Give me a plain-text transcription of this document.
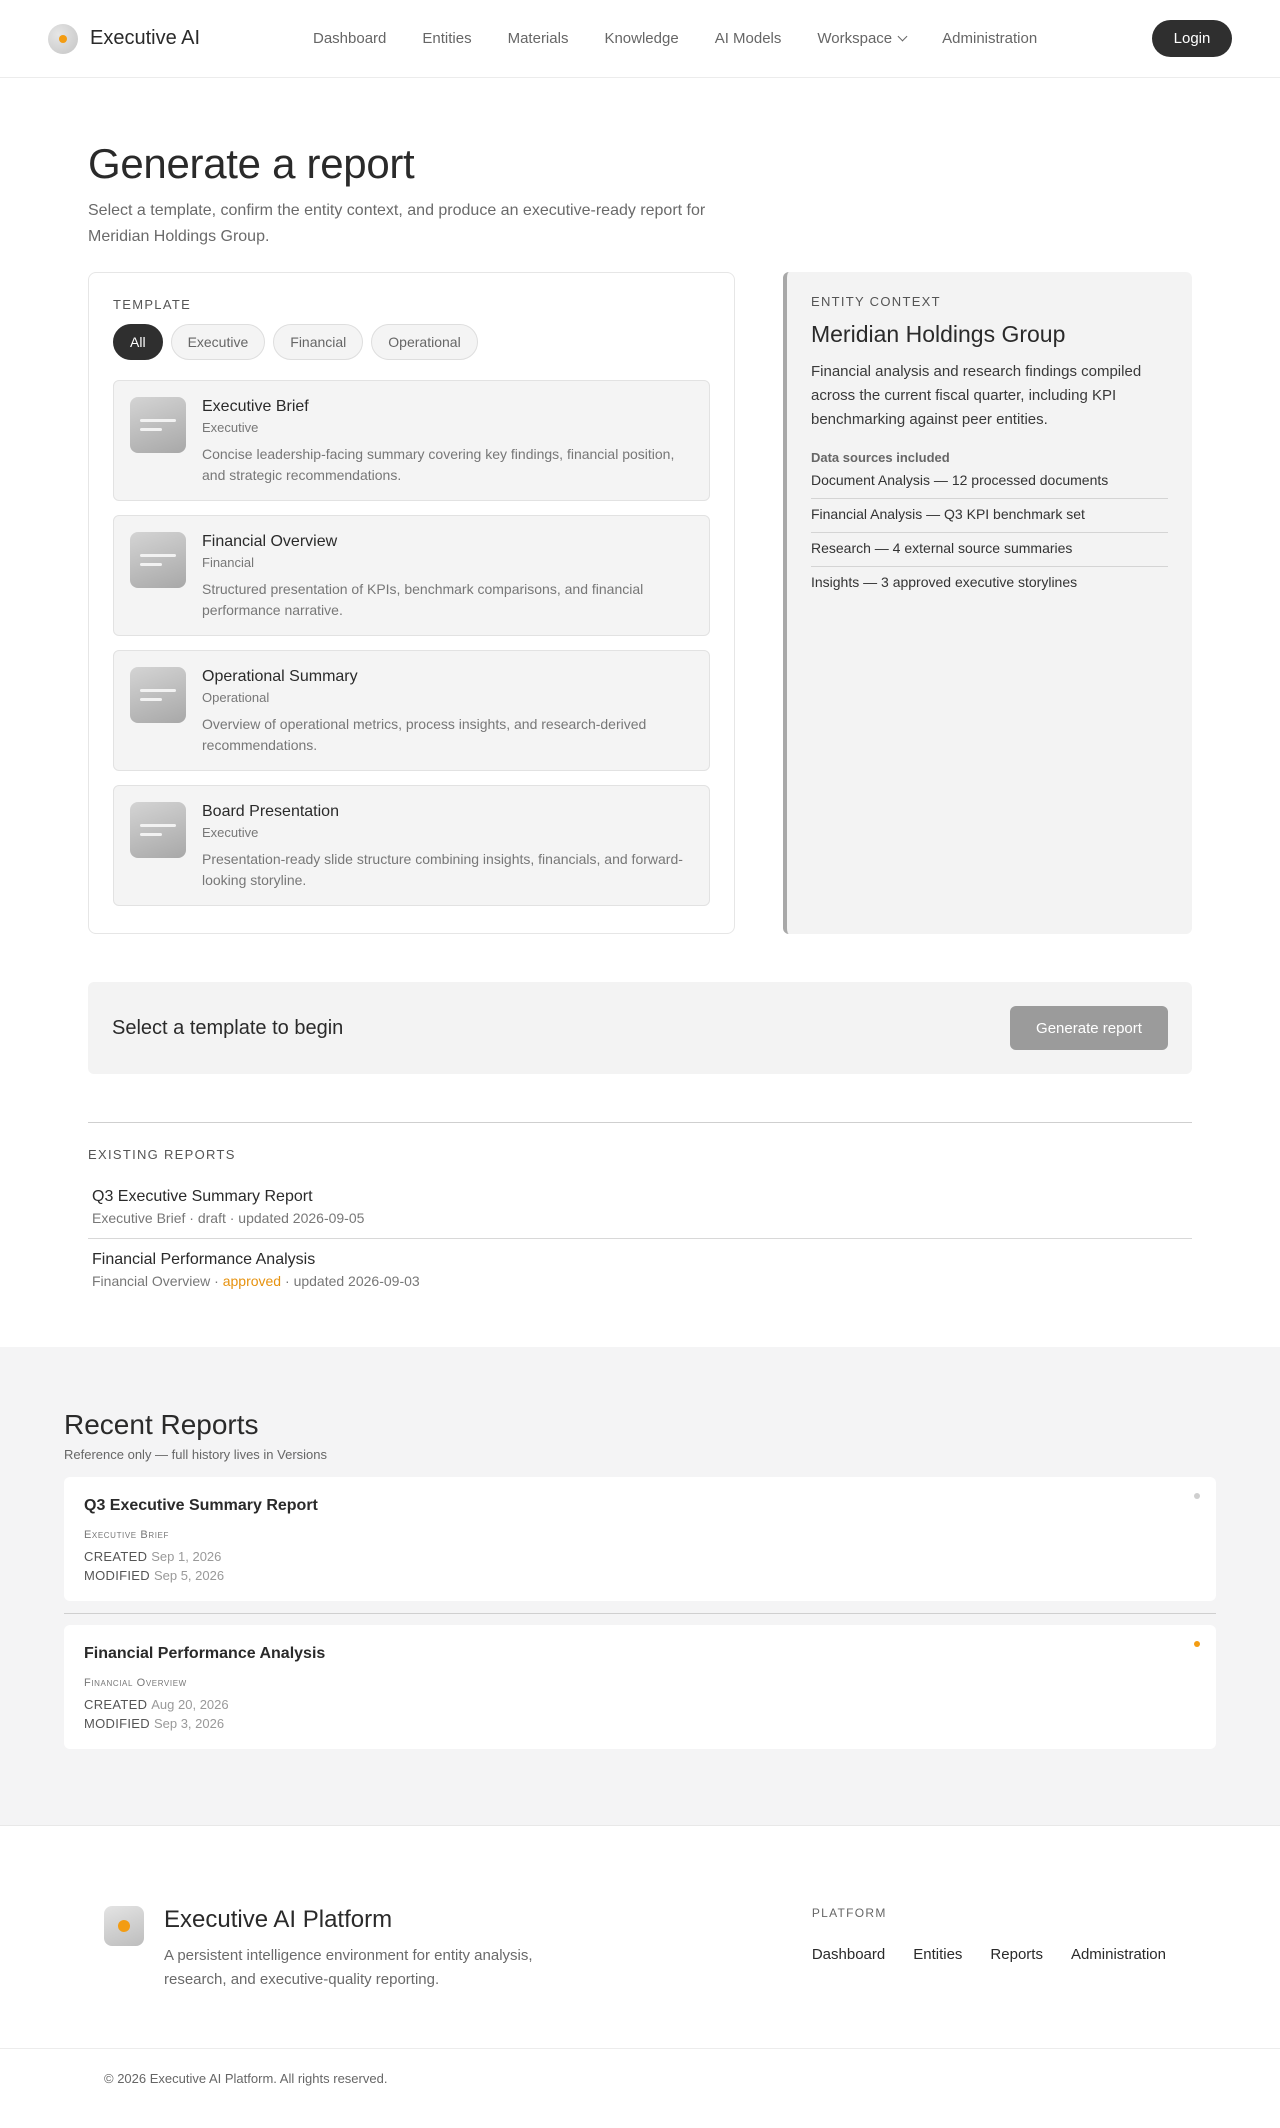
Executive AI	Dashboard Entities Materials Knowledge AI Models Workspace	Administration	Login
Generate a report

Select a template, confirm the entity context, and produce an executive-ready report for Meridian Holdings Group.

TEMPLATE
All	Executive	Financial	Operational
Executive Brief
Executive
Concise leadership-facing summary covering key findings, financial position, and strategic recommendations.
Financial Overview
Financial
Structured presentation of KPIs, benchmark comparisons, and financial performance narrative.
Operational Summary
Operational
Overview of operational metrics, process insights, and research-derived recommendations.
Board Presentation
Executive
Presentation-ready slide structure combining insights, financials, and forward-looking storyline.
ENTITY CONTEXT
Meridian Holdings Group

Financial analysis and research findings compiled across the current fiscal quarter, including KPI benchmarking against peer entities.

Data sources included
Document Analysis — 12 processed documents
Financial Analysis — Q3 KPI benchmark set
Research — 4 external source summaries
Insights — 3 approved executive storylines
Select a template to begin	Generate report
EXISTING REPORTS
Q3 Executive Summary Report
Executive Brief · draft · updated 2026-09-05
Financial Performance Analysis
Financial Overview · approved · updated 2026-09-03
Recent Reports
Reference only — full history lives in Versions
Q3 Executive Summary Report
Executive Brief
CREATED Sep 1, 2026
MODIFIED Sep 5, 2026
Financial Performance Analysis
Financial Overview
CREATED Aug 20, 2026
MODIFIED Sep 3, 2026
Executive AI Platform

A persistent intelligence environment for entity analysis, research, and executive-quality reporting.

PLATFORM
Dashboard Entities Reports Administration
© 2026 Executive AI Platform. All rights reserved.
